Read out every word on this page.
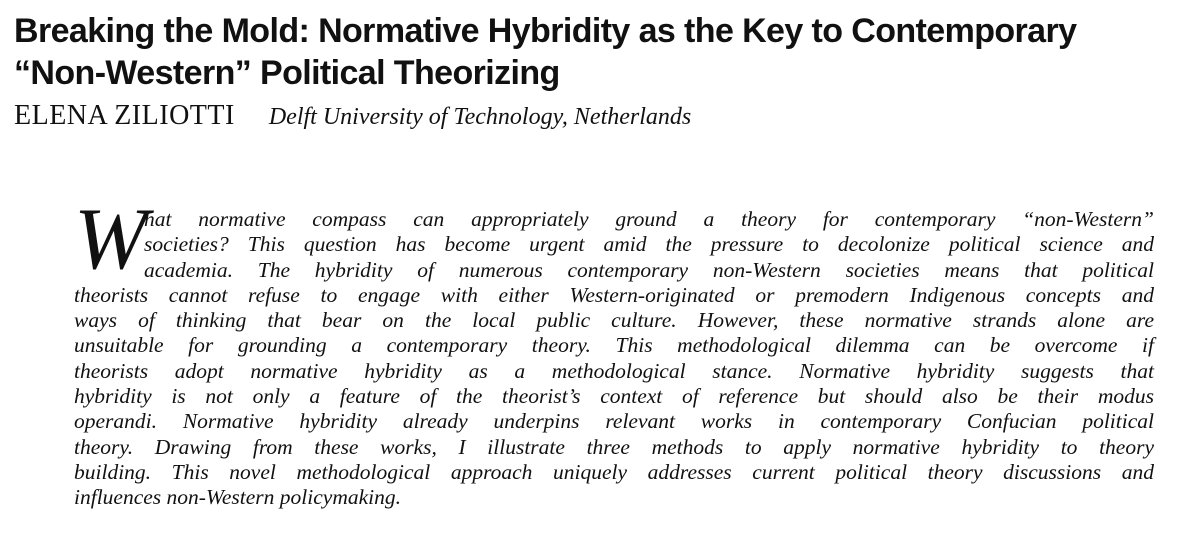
Breaking the Mold: Normative Hybridity as the Key to Contemporary
“Non-Western” Political Theorizing
ELENA ZILIOTTI Delft University of Technology, Netherlands
W
hat normative compass can appropriately ground a theory for contemporary “non-Western”
societies? This question has become urgent amid the pressure to decolonize political science and
academia. The hybridity of numerous contemporary non-Western societies means that political
theorists cannot refuse to engage with either Western-originated or premodern Indigenous concepts and
ways of thinking that bear on the local public culture. However, these normative strands alone are
unsuitable for grounding a contemporary theory. This methodological dilemma can be overcome if
theorists adopt normative hybridity as a methodological stance. Normative hybridity suggests that
hybridity is not only a feature of the theorist’s context of reference but should also be their modus
operandi. Normative hybridity already underpins relevant works in contemporary Confucian political
theory. Drawing from these works, I illustrate three methods to apply normative hybridity to theory
building. This novel methodological approach uniquely addresses current political theory discussions and
influences non-Western policymaking.
